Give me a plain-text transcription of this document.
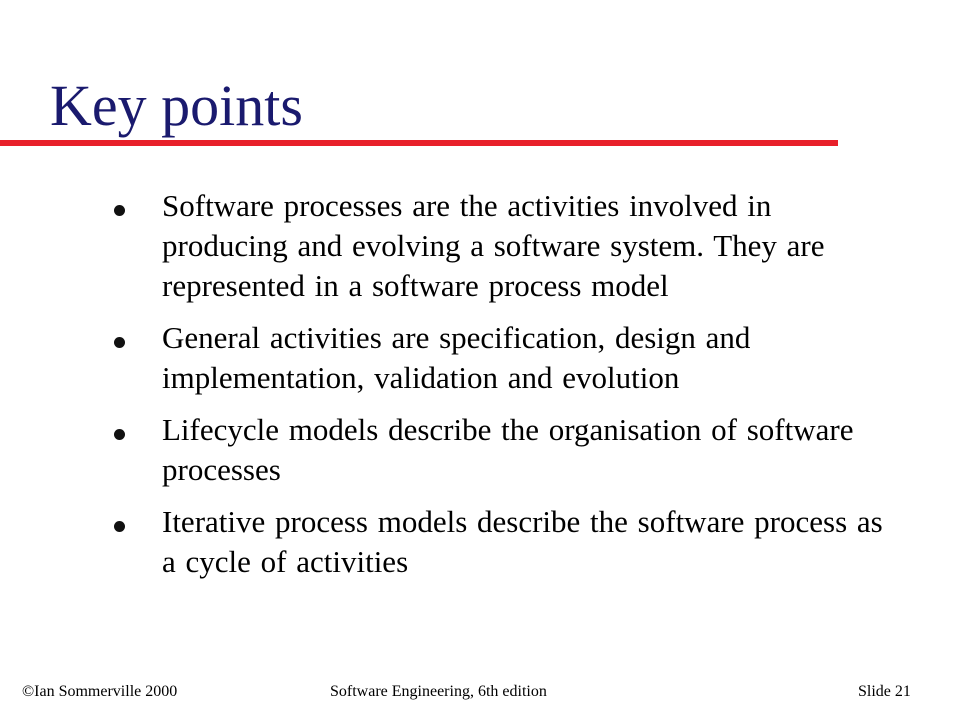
Key points
Software processes are the activities involved in producing and evolving a software system. They are represented in a software process model
General activities are specification, design and implementation, validation and evolution
Lifecycle models describe the organisation of software processes
Iterative process models describe the software process as a cycle of activities
©Ian Sommerville 2000	Software Engineering, 6th edition	Slide 21
